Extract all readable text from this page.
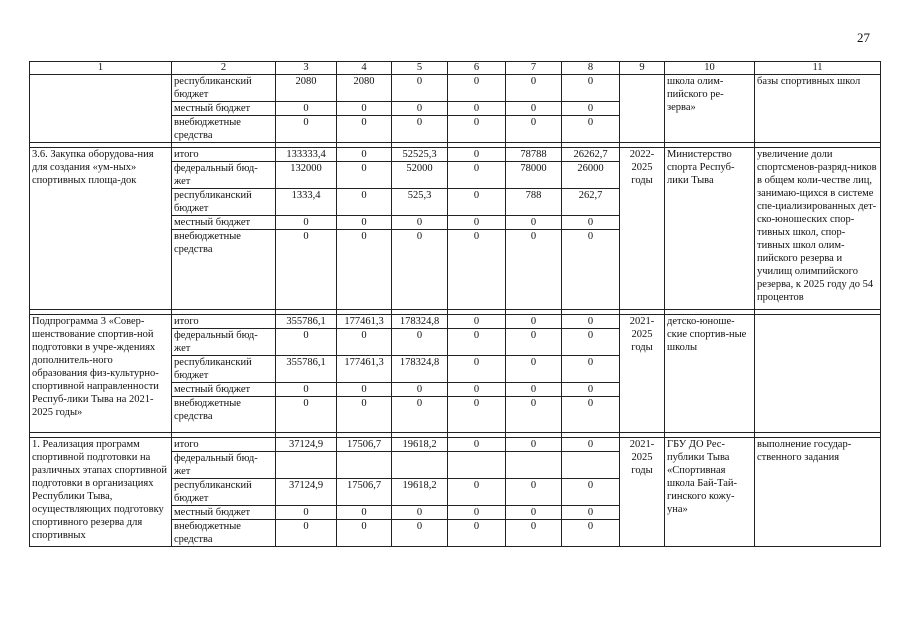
27
1	2	3	4	5	6	7	8	9	10	11
	республиканский бюджет	2080	2080	0	0	0	0		школа олим-пийского ре-зерва»	базы спортивных школ
	местный бюджет	0	0	0	0	0	0			
	внебюджетные средства	0	0	0	0	0	0			

3.6. Закупка оборудова-ния для создания «ум-ных» спортивных площа-док	итого	133333,4	0	52525,3	0	78788	26262,7	2022-2025 годы	Министерство спорта Респуб-лики Тыва	увеличение доли спортсменов-разряд-ников в общем коли-честве лиц, занимаю-щихся в системе спе-циализированных дет-ско-юношеских спор-тивных школ, спор-тивных школ олим-пийского резерва и училищ олимпийского резерва, к 2025 году до 54 процентов
	федеральный бюд-жет	132000	0	52000	0	78000	26000			
	республиканский бюджет	1333,4	0	525,3	0	788	262,7			
	местный бюджет	0	0	0	0	0	0			
	внебюджетные средства	0	0	0	0	0	0			

Подпрограмма 3 «Совер-шенствование спортив-ной подготовки в учре-ждениях дополнитель-ного образования физ-культурно-спортивной направленности Респуб-лики Тыва на 2021-2025 годы»	итого	355786,1	177461,3	178324,8	0	0	0	2021-2025 годы	детско-юноше-ские спортив-ные школы	
	федеральный бюд-жет	0	0	0	0	0	0			
	республиканский бюджет	355786,1	177461,3	178324,8	0	0	0			
	местный бюджет	0	0	0	0	0	0			
	внебюджетные средства	0	0	0	0	0	0			

1. Реализация программ спортивной подготовки на различных этапах спортивной подготовки в организациях Республики Тыва, осуществляющих подготовку спортивного резерва для спортивных	итого	37124,9	17506,7	19618,2	0	0	0	2021-2025 годы	ГБУ ДО Рес-публики Тыва «Спортивная школа Бай-Тай-гинского кожу-уна»	выполнение государ-ственного задания
	федеральный бюд-жет									
	республиканский бюджет	37124,9	17506,7	19618,2	0	0	0			
	местный бюджет	0	0	0	0	0	0			
	внебюджетные средства	0	0	0	0	0	0			
